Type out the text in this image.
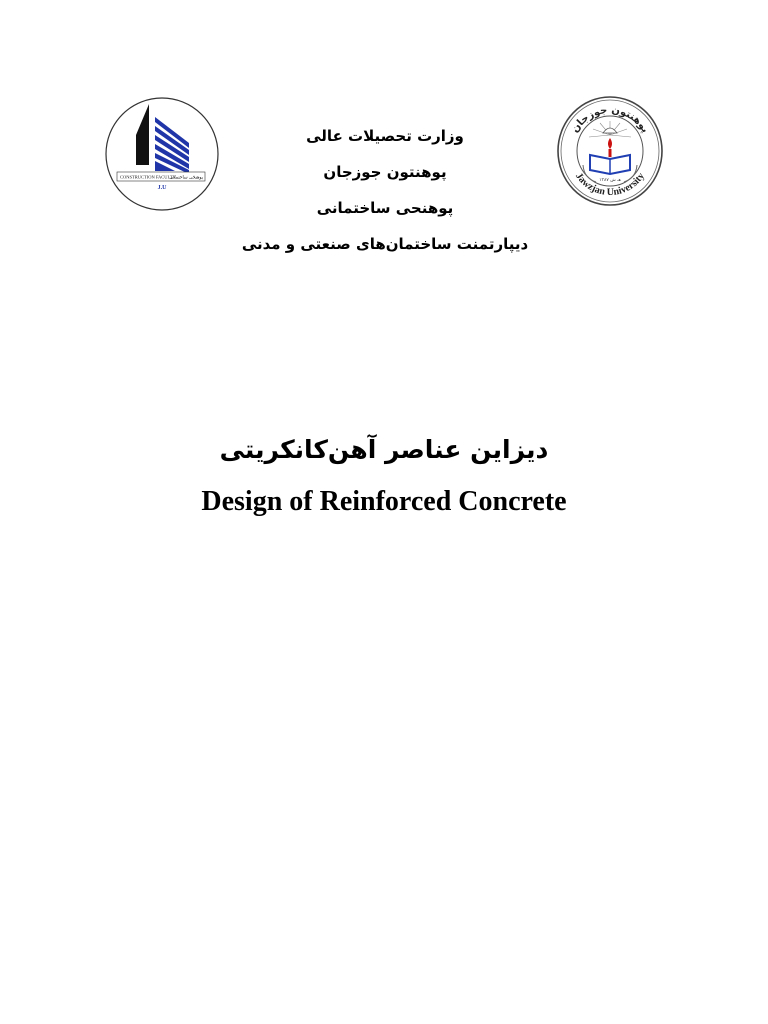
CONSTRUCTION FACULTY
پوهنځی ساختمانی
J.U
وزارت تحصیلات عالی
پوهنتون جوزجان
پوهنحی ساختمانی
دیپارتمنت ساختمان‌های صنعتی و مدنی
پوهنتون جوزجان
Jawzjan University
۱۳۸۷ هـ ش
دیزاین عناصر آهن‌کانکریتی
Design of Reinforced Concrete
